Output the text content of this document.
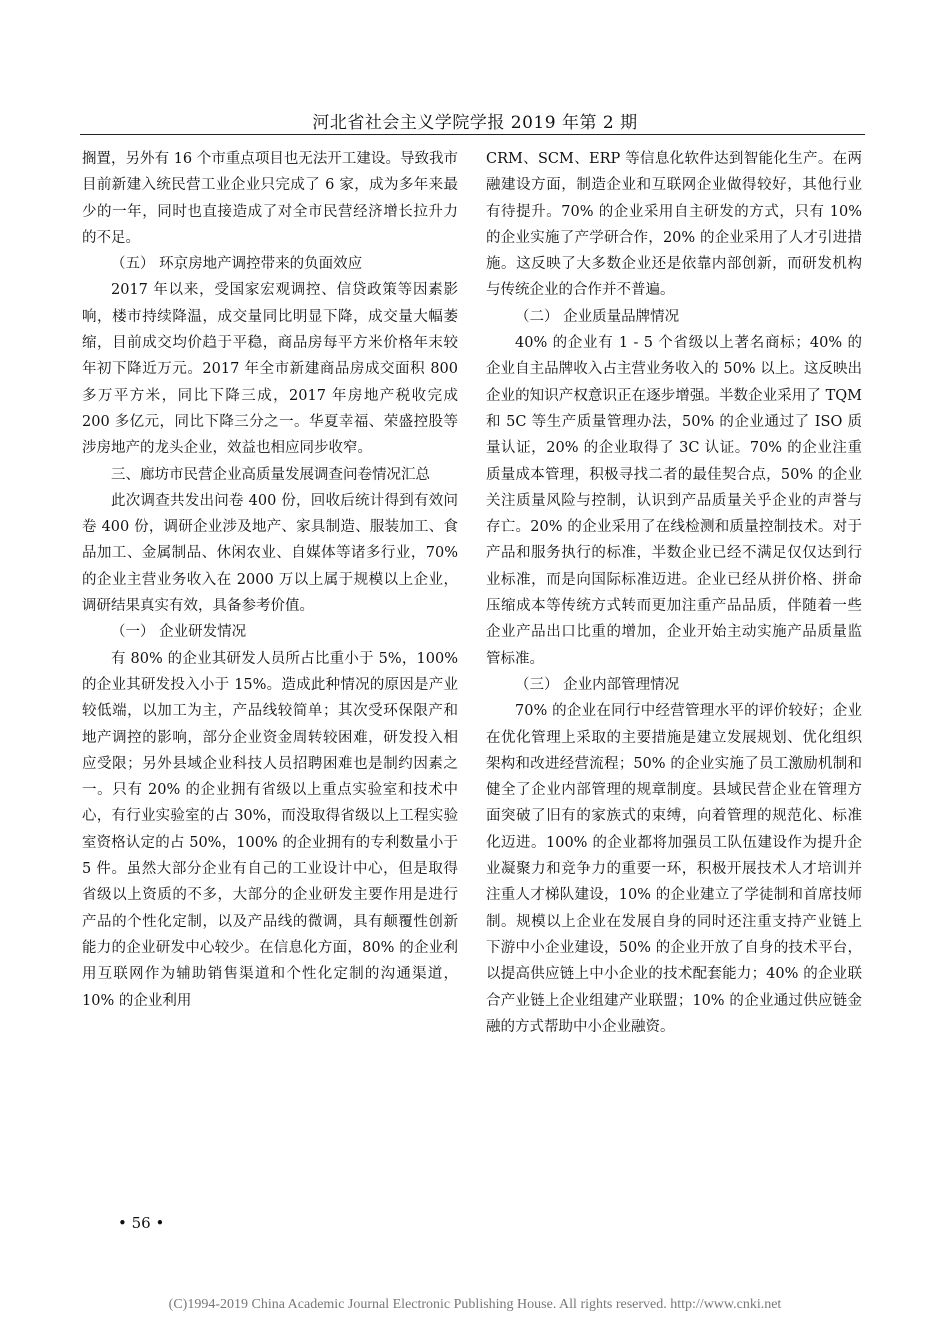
河北省社会主义学院学报 2019 年第 2 期

搁置，另外有 16 个市重点项目也无法开工建设。导致我市目前新建入统民营工业企业只完成了 6 家，成为多年来最少的一年，同时也直接造成了对全市民营经济增长拉升力的不足。

（五） 环京房地产调控带来的负面效应

2017 年以来，受国家宏观调控、信贷政策等因素影响，楼市持续降温，成交量同比明显下降，成交量大幅萎缩，目前成交均价趋于平稳，商品房每平方米价格年末较年初下降近万元。2017 年全市新建商品房成交面积 800 多万平方米，同比下降三成，2017 年房地产税收完成 200 多亿元，同比下降三分之一。华夏幸福、荣盛控股等涉房地产的龙头企业，效益也相应同步收窄。

三、廊坊市民营企业高质量发展调查问卷情况汇总

此次调查共发出问卷 400 份，回收后统计得到有效问卷 400 份，调研企业涉及地产、家具制造、服装加工、食品加工、金属制品、休闲农业、自媒体等诸多行业，70% 的企业主营业务收入在 2000 万以上属于规模以上企业，调研结果真实有效，具备参考价值。

（一） 企业研发情况

有 80% 的企业其研发人员所占比重小于 5%，100% 的企业其研发投入小于 15%。造成此种情况的原因是产业较低端，以加工为主，产品线较简单；其次受环保限产和地产调控的影响，部分企业资金周转较困难，研发投入相应受限；另外县域企业科技人员招聘困难也是制约因素之一。只有 20% 的企业拥有省级以上重点实验室和技术中心，有行业实验室的占 30%，而没取得省级以上工程实验室资格认定的占 50%，100% 的企业拥有的专利数量小于 5 件。虽然大部分企业有自己的工业设计中心，但是取得省级以上资质的不多，大部分的企业研发主要作用是进行产品的个性化定制，以及产品线的微调，具有颠覆性创新能力的企业研发中心较少。在信息化方面，80% 的企业利用互联网作为辅助销售渠道和个性化定制的沟通渠道，10% 的企业利用

CRM、SCM、ERP 等信息化软件达到智能化生产。在两融建设方面，制造企业和互联网企业做得较好，其他行业有待提升。70% 的企业采用自主研发的方式，只有 10% 的企业实施了产学研合作，20% 的企业采用了人才引进措施。这反映了大多数企业还是依靠内部创新，而研发机构与传统企业的合作并不普遍。

（二） 企业质量品牌情况

40% 的企业有 1 - 5 个省级以上著名商标；40% 的企业自主品牌收入占主营业务收入的 50% 以上。这反映出企业的知识产权意识正在逐步增强。半数企业采用了 TQM 和 5C 等生产质量管理办法，50% 的企业通过了 ISO 质量认证，20% 的企业取得了 3C 认证。70% 的企业注重质量成本管理，积极寻找二者的最佳契合点，50% 的企业关注质量风险与控制，认识到产品质量关乎企业的声誉与存亡。20% 的企业采用了在线检测和质量控制技术。对于产品和服务执行的标准，半数企业已经不满足仅仅达到行业标准，而是向国际标准迈进。企业已经从拼价格、拼命压缩成本等传统方式转而更加注重产品品质，伴随着一些企业产品出口比重的增加，企业开始主动实施产品质量监管标准。

（三） 企业内部管理情况

70% 的企业在同行中经营管理水平的评价较好；企业在优化管理上采取的主要措施是建立发展规划、优化组织架构和改进经营流程；50% 的企业实施了员工激励机制和健全了企业内部管理的规章制度。县域民营企业在管理方面突破了旧有的家族式的束缚，向着管理的规范化、标准化迈进。100% 的企业都将加强员工队伍建设作为提升企业凝聚力和竞争力的重要一环，积极开展技术人才培训并注重人才梯队建设，10% 的企业建立了学徒制和首席技师制。规模以上企业在发展自身的同时还注重支持产业链上下游中小企业建设，50% 的企业开放了自身的技术平台，以提高供应链上中小企业的技术配套能力；40% 的企业联合产业链上企业组建产业联盟；10% 的企业通过供应链金融的方式帮助中小企业融资。

• 56 •
(C)1994-2019 China Academic Journal Electronic Publishing House. All rights reserved. http://www.cnki.net
